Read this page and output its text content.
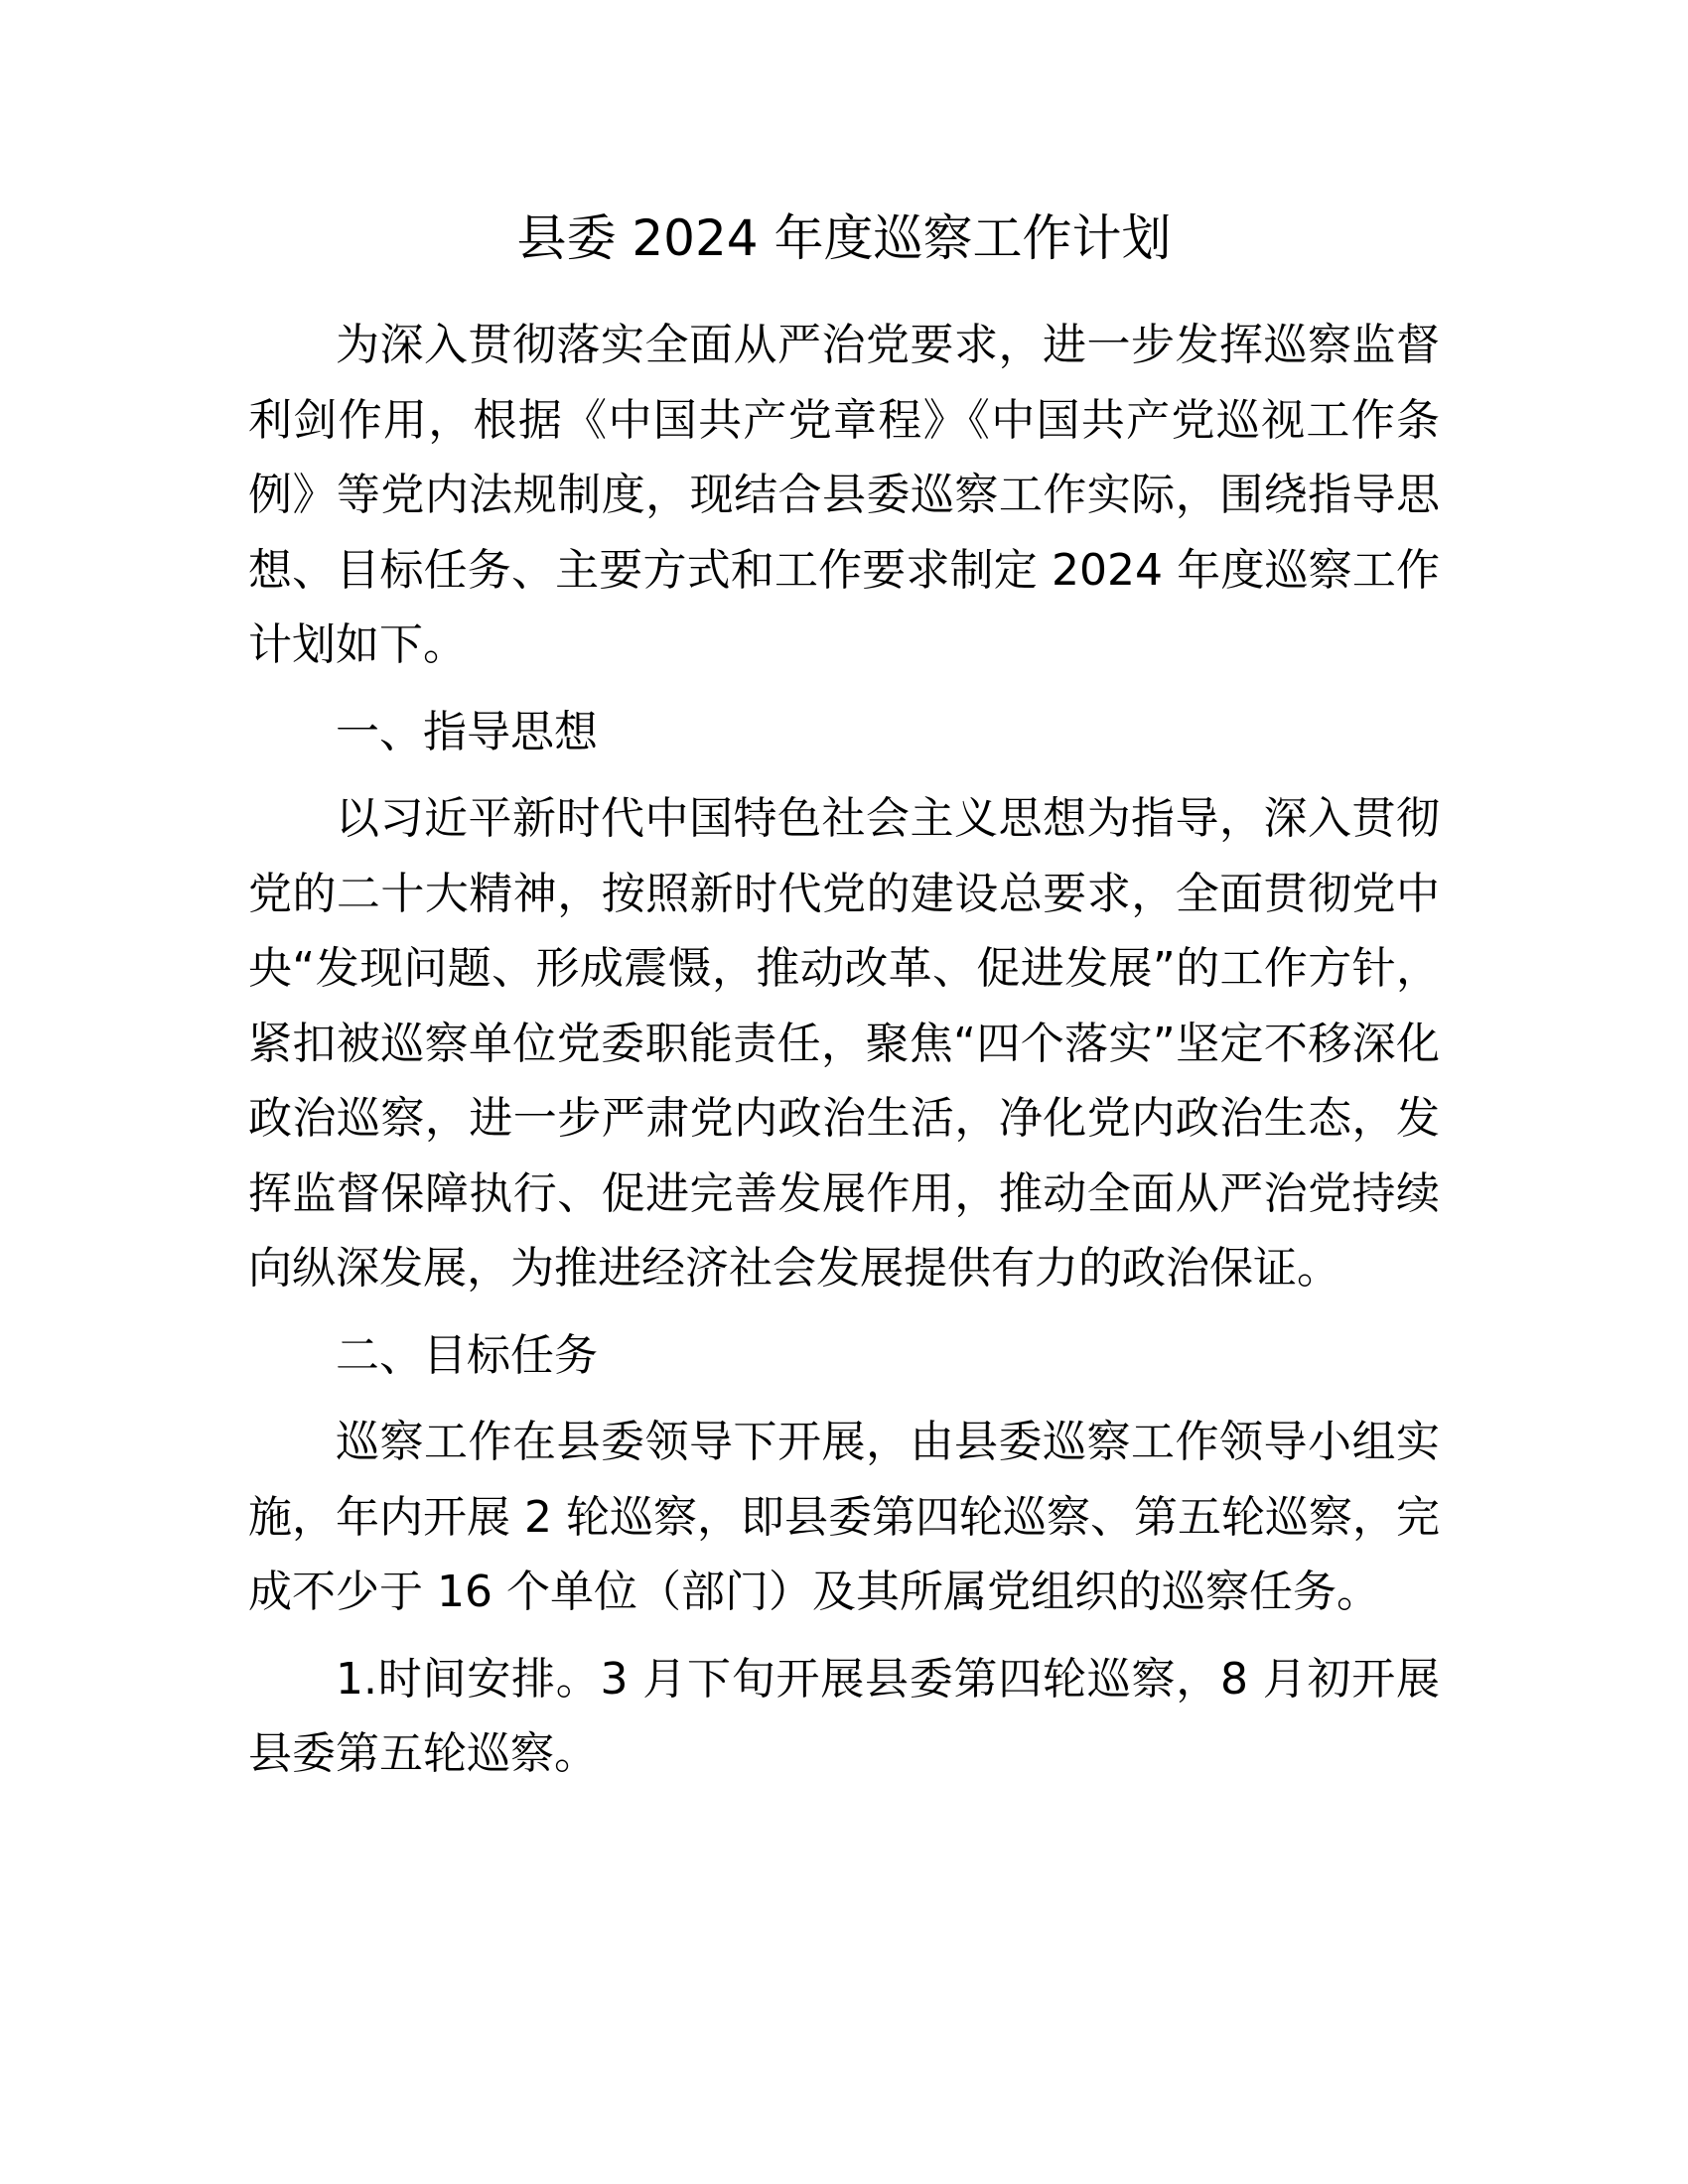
县委 2024 年度巡察工作计划

为深入贯彻落实全面从严治党要求，进一步发挥巡察监督利剑作用，根据《中国共产党章程》《中国共产党巡视工作条例》等党内法规制度，现结合县委巡察工作实际，围绕指导思想、目标任务、主要方式和工作要求制定 2024 年度巡察工作计划如下。

一、指导思想

以习近平新时代中国特色社会主义思想为指导，深入贯彻党的二十大精神，按照新时代党的建设总要求，全面贯彻党中央“发现问题、形成震慑，推动改革、促进发展”的工作方针，紧扣被巡察单位党委职能责任，聚焦“四个落实”坚定不移深化政治巡察，进一步严肃党内政治生活，净化党内政治生态，发挥监督保障执行、促进完善发展作用，推动全面从严治党持续向纵深发展，为推进经济社会发展提供有力的政治保证。

二、目标任务

巡察工作在县委领导下开展，由县委巡察工作领导小组实施，年内开展 2 轮巡察，即县委第四轮巡察、第五轮巡察，完成不少于 16 个单位（部门）及其所属党组织的巡察任务。

1.时间安排。3 月下旬开展县委第四轮巡察，8 月初开展县委第五轮巡察。
